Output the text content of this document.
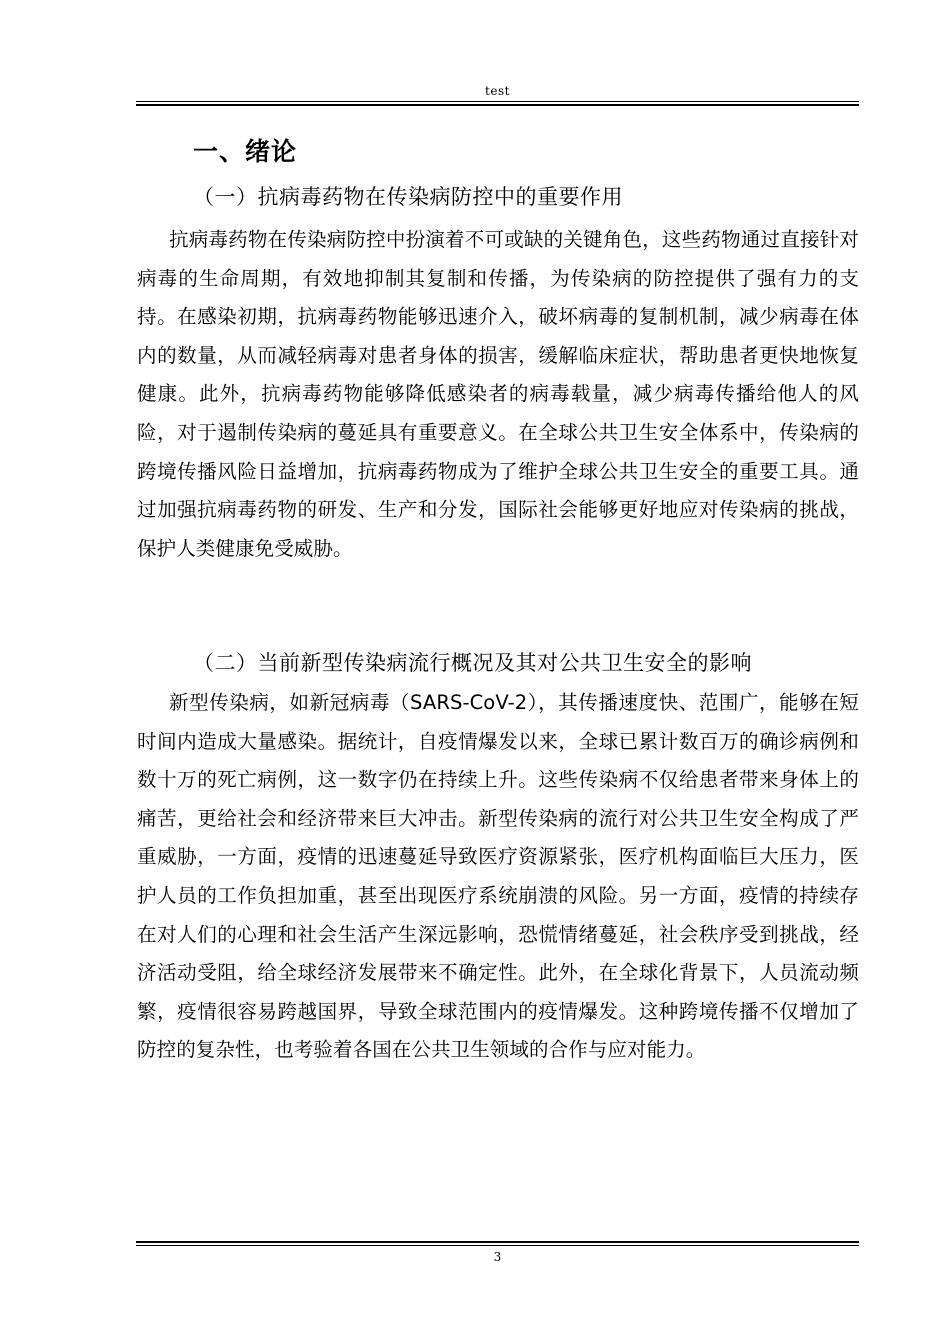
test
一、绪论
（一）抗病毒药物在传染病防控中的重要作用

抗病毒药物在传染病防控中扮演着不可或缺的关键角色，这些药物通过直接针对病毒的生命周期，有效地抑制其复制和传播，为传染病的防控提供了强有力的支持。在感染初期，抗病毒药物能够迅速介入，破坏病毒的复制机制，减少病毒在体内的数量，从而减轻病毒对患者身体的损害，缓解临床症状，帮助患者更快地恢复健康。此外，抗病毒药物能够降低感染者的病毒载量，减少病毒传播给他人的风险，对于遏制传染病的蔓延具有重要意义。在全球公共卫生安全体系中，传染病的跨境传播风险日益增加，抗病毒药物成为了维护全球公共卫生安全的重要工具。通过加强抗病毒药物的研发、生产和分发，国际社会能够更好地应对传染病的挑战，保护人类健康免受威胁。

（二）当前新型传染病流行概况及其对公共卫生安全的影响

新型传染病，如新冠病毒（SARS-CoV-2），其传播速度快、范围广，能够在短时间内造成大量感染。据统计，自疫情爆发以来，全球已累计数百万的确诊病例和数十万的死亡病例，这一数字仍在持续上升。这些传染病不仅给患者带来身体上的痛苦，更给社会和经济带来巨大冲击。新型传染病的流行对公共卫生安全构成了严重威胁，一方面，疫情的迅速蔓延导致医疗资源紧张，医疗机构面临巨大压力，医护人员的工作负担加重，甚至出现医疗系统崩溃的风险。另一方面，疫情的持续存在对人们的心理和社会生活产生深远影响，恐慌情绪蔓延，社会秩序受到挑战，经济活动受阻，给全球经济发展带来不确定性。此外，在全球化背景下，人员流动频繁，疫情很容易跨越国界，导致全球范围内的疫情爆发。这种跨境传播不仅增加了防控的复杂性，也考验着各国在公共卫生领域的合作与应对能力。

3
